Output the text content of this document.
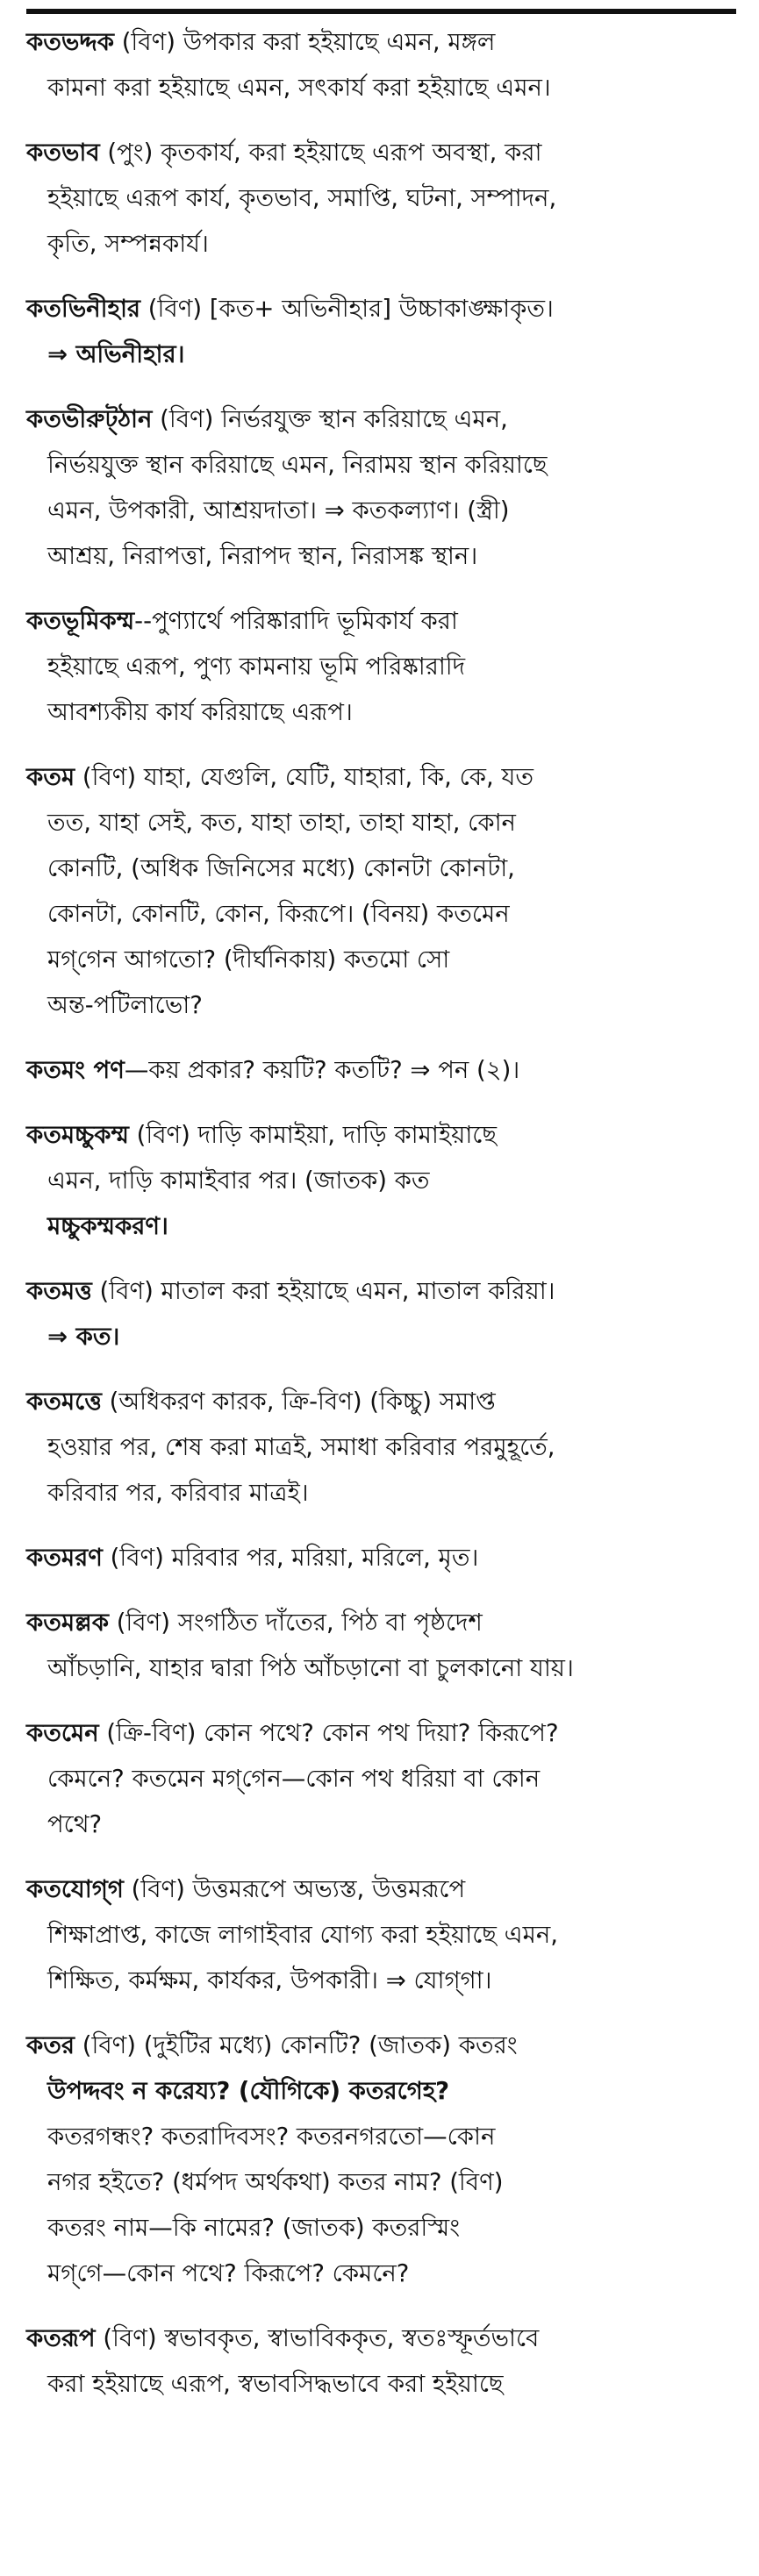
কতভদ্দক (বিণ) উপকার করা হইয়াছে এমন, মঙ্গল
কামনা করা হইয়াছে এমন, সৎকার্য করা হইয়াছে এমন।
কতভাব (পুং) কৃতকার্য, করা হইয়াছে এরূপ অবস্থা, করা
হইয়াছে এরূপ কার্য, কৃতভাব, সমাপ্তি, ঘটনা, সম্পাদন,
কৃতি, সম্পন্নকার্য।
কতভিনীহার (বিণ) [কত+ অভিনীহার] উচ্চাকাঙ্ক্ষাকৃত।
⇒ অভিনীহার।
কতভীরুট্‌ঠান (বিণ) নির্ভরযুক্ত স্থান করিয়াছে এমন,
নির্ভয়যুক্ত স্থান করিয়াছে এমন, নিরাময় স্থান করিয়াছে
এমন, উপকারী, আশ্রয়দাতা। ⇒ কতকল্যাণ। (স্ত্রী)
আশ্রয়, নিরাপত্তা, নিরাপদ স্থান, নিরাসঙ্ক স্থান।
কতভূমিকম্ম--পুণ্যার্থে পরিষ্কারাদি ভূমিকার্য করা
হইয়াছে এরূপ, পুণ্য কামনায় ভূমি পরিষ্কারাদি
আবশ্যকীয় কার্য করিয়াছে এরূপ।
কতম (বিণ) যাহা, যেগুলি, যেটি, যাহারা, কি, কে, যত
তত, যাহা সেই, কত, যাহা তাহা, তাহা যাহা, কোন
কোনটি, (অধিক জিনিসের মধ্যে) কোনটা কোনটা,
কোনটা, কোনটি, কোন, কিরূপে। (বিনয়) কতমেন
মগ্‌গেন আগতো? (দীর্ঘনিকায়) কতমো সো
অন্ত-পটিলাভো?
কতমং পণ—কয় প্রকার? কয়টি? কতটি? ⇒ পন (২)।
কতমচ্চুকম্ম (বিণ) দাড়ি কামাইয়া, দাড়ি কামাইয়াছে
এমন, দাড়ি কামাইবার পর। (জাতক) কত
মচ্চুকম্মকরণ।
কতমত্ত (বিণ) মাতাল করা হইয়াছে এমন, মাতাল করিয়া।
⇒ কত।
কতমত্তে (অধিকরণ কারক, ক্রি-বিণ) (কিচ্চু) সমাপ্ত
হওয়ার পর, শেষ করা মাত্রই, সমাধা করিবার পরমুহূর্তে,
করিবার পর, করিবার মাত্রই।
কতমরণ (বিণ) মরিবার পর, মরিয়া, মরিলে, মৃত।
কতমল্লক (বিণ) সংগঠিত দাঁতের, পিঠ বা পৃষ্ঠদেশ
আঁচড়ানি, যাহার দ্বারা পিঠ আঁচড়ানো বা চুলকানো যায়।
কতমেন (ক্রি-বিণ) কোন পথে? কোন পথ দিয়া? কিরূপে?
কেমনে? কতমেন মগ্‌গেন—কোন পথ ধরিয়া বা কোন
পথে?
কতযোগ্‌গ (বিণ) উত্তমরূপে অভ্যস্ত, উত্তমরূপে
শিক্ষাপ্রাপ্ত, কাজে লাগাইবার যোগ্য করা হইয়াছে এমন,
শিক্ষিত, কর্মক্ষম, কার্যকর, উপকারী। ⇒ যোগ্‌গা।
কতর (বিণ) (দুইটির মধ্যে) কোনটি? (জাতক) কতরং
উপদ্দবং ন করেয্য? (যৌগিকে) কতরগেহ?
কতরগন্ধং? কতরাদিবসং? কতরনগরতো—কোন
নগর হইতে? (ধর্মপদ অর্থকথা) কতর নাম? (বিণ)
কতরং নাম—কি নামের? (জাতক) কতরস্মিং
মগ্‌গে—কোন পথে? কিরূপে? কেমনে?
কতরূপ (বিণ) স্বভাবকৃত, স্বাভাবিককৃত, স্বতঃস্ফূর্তভাবে
করা হইয়াছে এরূপ, স্বভাবসিদ্ধভাবে করা হইয়াছে
